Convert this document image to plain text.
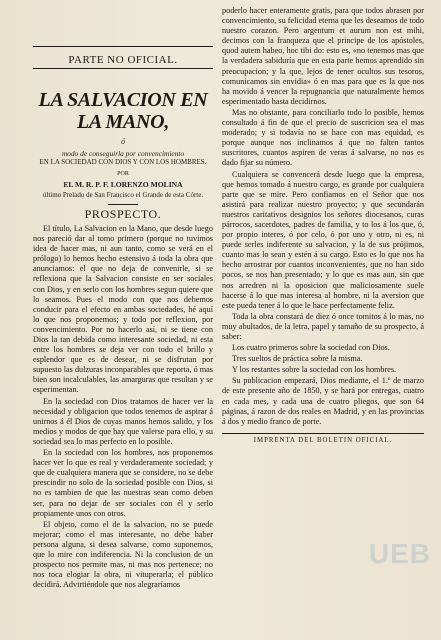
PARTE NO OFICIAL.
LA SALVACION EN LA MANO,
ó
modo de conseguirla por convencimiento
EN LA SOCIEDAD CON DIOS Y CON LOS HOMBRES.
POR
EL M. R. P. F. LORENZO MOLINA
último Prelado de San Francisco el Grande de esta Córte.
PROSPECTO.

El título, La Salvacion en la Mano, que desde luego nos pareció dar al tomo primero (porque no tuvimos idea de hacer mas, ni aun tanto, como se verá en el prólogo) lo hemos hecho estensivo á toda la obra que anunciamos: el que no deja de convenirle, si se reflexiona que la Salvacion consiste en ser sociales con Dios, y en serlo con los hombres segun quiere que lo seamos. Pues el modo con que nos debemos conducir para el efecto en ambas sociedades, hé aquí lo que nos proponemos; y todo por reflexion, por convencimiento. Por no hacerlo así, ni se tiene con Dios la tan debida como interesante sociedad, ni esta entre los hombres se deja ver con todo el brillo y esplendor que es de desear, ni se disfrutan por supuesto las dulzuras inconparables que reporta, ó mas bien son incalculables, las amarguras que resultan y se esperimentan.

En la sociedad con Dios tratamos de hacer ver la necesidad y obligacion que todos tenemos de aspirar á unirnos á él Dios de cuyas manos hemos salido, y los medios y modos de que hay que valerse para ello, y su sociedad sea lo mas perfecto en lo posible.

En la sociedad con los hombres, nos proponemos hacer ver lo que es real y verdaderamente sociedad; y que de cualquiera manera que se considere, no se debe prescindir no solo de la sociedad posible con Dios, si no es tambien de que las nuestras sean como deben ser, para no dejar de ser sociales con él y serlo propiamente unos con otros.

El objeto, como el de la salvacion, no se puede mejorar; como el mas interesante, no debe haber persona alguna, si desea salvarse, como suponemos, que lo mire con indiferencia. Ni la conclusion de un prospecto nos permite mas, ni mas nos pertenece; no nos toca elogiar la obra, ni vituperarla; el público decidirá. Advirtiéndole que nos alegraríamos

poderlo hacer enteramente gratis, para que todos abrasen por convencimiento, su felicidad eterna que les deseamos de todo nuestro corazon. Pero argentum et aurum non est mihi, decimos con la franqueza que el principe de los apóstoles, quod autem habeo, hoc tibi do: esto es, «no tenemos mas que la verdadera sabiduría que en esta parte hemos aprendido sin preocupacion; y la que, lejos de tener ocultos sus tesoros, comunicamos sin envidia» ó en mas para que es la que nos ha movido á vencer la repugnancia que naturalmente hemos esperimentado hasta decidirnos.

Mas no obstante, para conciliarlo todo lo posible, hemos consultado á fin de que el precio de suscricion sea el mas moderado; y si todavía no se hace con mas equidad, es porque aunque nos inclinamos á que no falten tantos suscritores, cuantos aspiren de veras á salvarse, no nos es dado fijar su número.

Cualquiera se convencerá desde luego que la empresa, que hemos tomado á nuestro cargo, es grande por cualquiera parte que se mire. Pero confiamos en el Señor que nos asistirá para realizar nuestro proyecto; y que secundarán nuestros caritativos designios los señores diocesanos, curas párrocos, sacerdotes, padres de familia, y to los á los que, ó, por propio interes, ó por celo, ó por uno y otro, ni es, ni puede serles indiferente su salvacion, y la de sus prójimos, cuanto mas lo sean y estén á su cargo. Esto es lo que nos ha hecho arrostrar por cuantos inconvenientes, que no han sido pocos, se nos han presentado; y lo que es mas aun, sin que nos arredren ni la oposicion que maliciosamente suele hacerse á lo que mas interesa al hombre, ni la aversion que este pueda tener á lo que le hace perfectamente feliz.

Toda la obra constará de diez ó once tomitos á lo mas, no muy abultados, de la letra, papel y tamaño de su prospecto, á saber:

Los cuatro primeros sobre la sociedad con Dios.

Tres sueltos de práctica sobre la misma.

Y los restantes sobre la sociedad con los hombres.

Su publicacion empezará, Dios mediante, el 1.º de marzo de este presente año de 1850, y se hará por entregas, cuatro en cada mes, y cada una de cuatro pliegos, que son 64 páginas, á razon de dos reales en Madrid, y en las provincias á dos y medio franco de porte.

IMPRENTA DEL BOLETIN OFICIAL.
UEB
